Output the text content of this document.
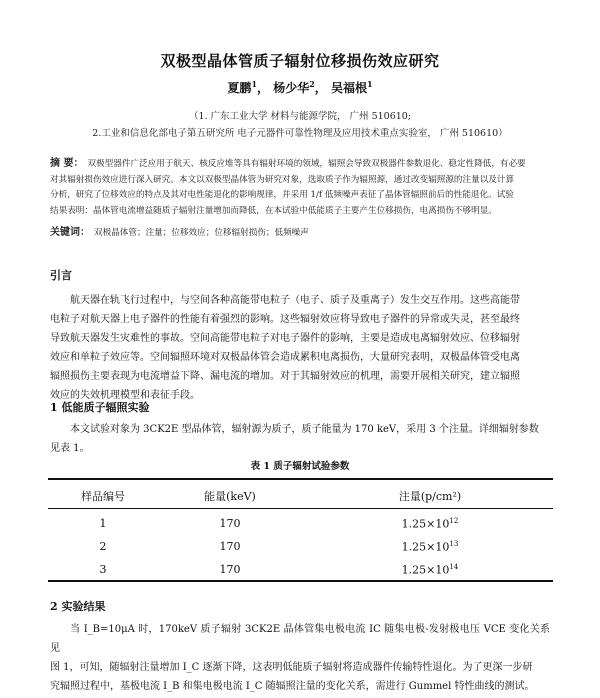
双极型晶体管质子辐射位移损伤效应研究
夏鹏$^1$， 杨少华$^2$， 吴福根$^1$
（1. 广东工业大学 材料与能源学院， 广州 510610;
2.工业和信息化部电子第五研究所 电子元器件可靠性物理及应用技术重点实验室， 广州 510610）
摘 要： 双极型器件广泛应用于航天、核反应堆等具有辐射环境的领域，辐照会导致双极器件参数退化、稳定性降低，有必要
对其辐射损伤效应进行深入研究。本文以双极型晶体管为研究对象，选取质子作为辐照源，通过改变辐照源的注量以及计算
分析，研究了位移效应的特点及其对电性能退化的影响规律，并采用 1/f 低频噪声表征了晶体管辐照前后的性能退化。试验
结果表明：晶体管电流增益随质子辐射注量增加而降低，在本试验中低能质子主要产生位移损伤，电离损伤不够明显。
关键词： 双极晶体管；注量；位移效应；位移辐射损伤；低频噪声
引言
航天器在轨飞行过程中，与空间各种高能带电粒子（电子、质子及重离子）发生交互作用。这些高能带
电粒子对航天器上电子器件的性能有着强烈的影响。这些辐射效应将导致电子器件的异常或失灵，甚至最终
导致航天器发生灾难性的事故。空间高能带电粒子对电子器件的影响，主要是造成电离辐射效应、位移辐射
效应和单粒子效应等。空间辐照环境对双极晶体管会造成累积电离损伤，大量研究表明，双极晶体管受电离
辐照损伤主要表现为电流增益下降、漏电流的增加。对于其辐射效应的机理，需要开展相关研究，建立辐照
效应的失效机理模型和表征手段。
1 低能质子辐照实验
本文试验对象为 3CK2E 型晶体管，辐射源为质子，质子能量为 170 keV，采用 3 个注量。详细辐射参数
见表 1。
表 1 质子辐射试验参数
样品编号	能量(keV)	注量(p/cm²)
1	170	$1.25\times 10^{12}$
2	170	$1.25\times 10^{13}$
3	170	$1.25\times 10^{14}$
2 实验结果
当 I_B=10μA 时，170keV 质子辐射 3CK2E 晶体管集电极电流 IC 随集电极-发射极电压 VCE 变化关系见
图 1，可知，随辐射注量增加 I_C 逐渐下降，这表明低能质子辐射将造成器件传输特性退化。为了更深一步研
究辐照过程中，基极电流 I_B 和集电极电流 I_C 随辐照注量的变化关系，需进行 Gummel 特性曲线的测试。
